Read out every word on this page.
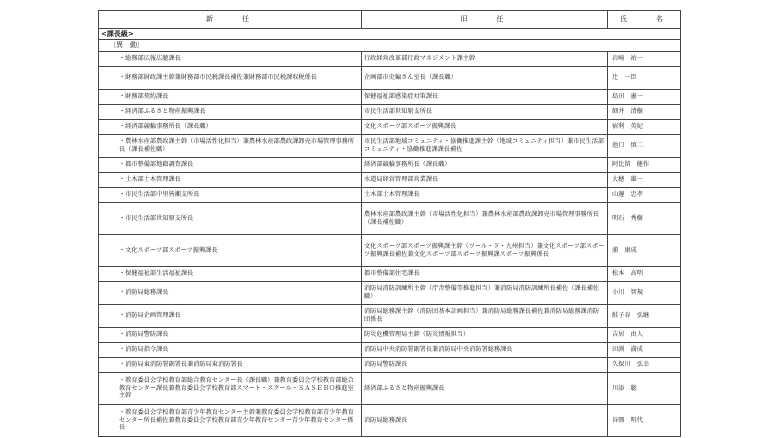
新　　任	旧　　任	氏　　名
<課長級>		
〔異　動〕		
・総務部広報広聴課長	行政経営改革部行政マネジメント課主幹	岩崎　祐一
・財務部財政課主幹兼財務部市民税課長補佐兼財務部市民税課収税係長	企画部市史編さん室長（課長職）	辻　一臣
・財務部契約課長	保健福祉部感染症対策課長	島田　憲一
・経済部ふるさと物産振興課長	市民生活部世知原支所長	細井　清樹
・経済部競輪事務所長（課長職）	文化スポーツ部スポーツ振興課長	宿利　英紀
・農林水産部農政課主幹（市場活性化担当）兼農林水産部農政課卸売市場管理事務所長（課長補佐職）	市民生活部地域コミュニティ・協働推進課主幹（地域コミュニティ担当）兼市民生活部コミュニティ・協働推進課課長補佐	池口　慎二
・都市整備部地籍調査課長	経済部競輪事務所長（課長職）	阿比留　健作
・土木部土木管理課長	水道局経営管理部営業課長	大穂　雄一
・市民生活部中里皆瀬支所長	土木部土木管理課長	山邊　忠孝
・市民生活部世知原支所長	農林水産部農政課主幹（市場活性化担当）兼農林水産部農政課卸売市場管理事務所長（課長補佐職）	明石　秀樹
・文化スポーツ部スポーツ振興課長	文化スポーツ部スポーツ振興課主幹（ツール・ド・九州担当）兼文化スポーツ部スポーツ振興課長補佐兼文化スポーツ部スポーツ振興課スポーツ振興係長	浦　康成
・保健福祉部生活福祉課長	都市整備部住宅課長	松本　高明
・消防局総務課長	消防局消防訓練所主幹（庁舎整備等推進担当）兼消防局消防訓練所長補佐（課長補佐職）	小川　智規
・消防局企画管理課長	消防局総務課主幹（消防団基本計画担当）兼消防局総務課長補佐兼消防局総務課消防団係長	鮭子谷　弘継
・消防局警防課長	防災危機管理局主幹（防災情報担当）	吉居　由人
・消防局指令課長	消防局中央消防署副署長兼消防局中央消防署総務課長	田渕　満成
・消防局東消防署副署長兼消防局東消防署長	消防局警防課長	久保川　弘幸
・教育委員会学校教育部総合教育センター長（課長職）兼教育委員会学校教育部総合教育センター課長兼教育委員会学校教育部スマート・スクール・ＳＡＳＥＢＯ推進室主幹	経済部ふるさと物産振興課長	川添　聡
・教育委員会学校教育部青少年教育センター主幹兼教育委員会学校教育部青少年教育センター所長補佐兼教育委員会学校教育部青少年教育センター青少年教育センター係長	消防局総務課長	谷岡　明代
